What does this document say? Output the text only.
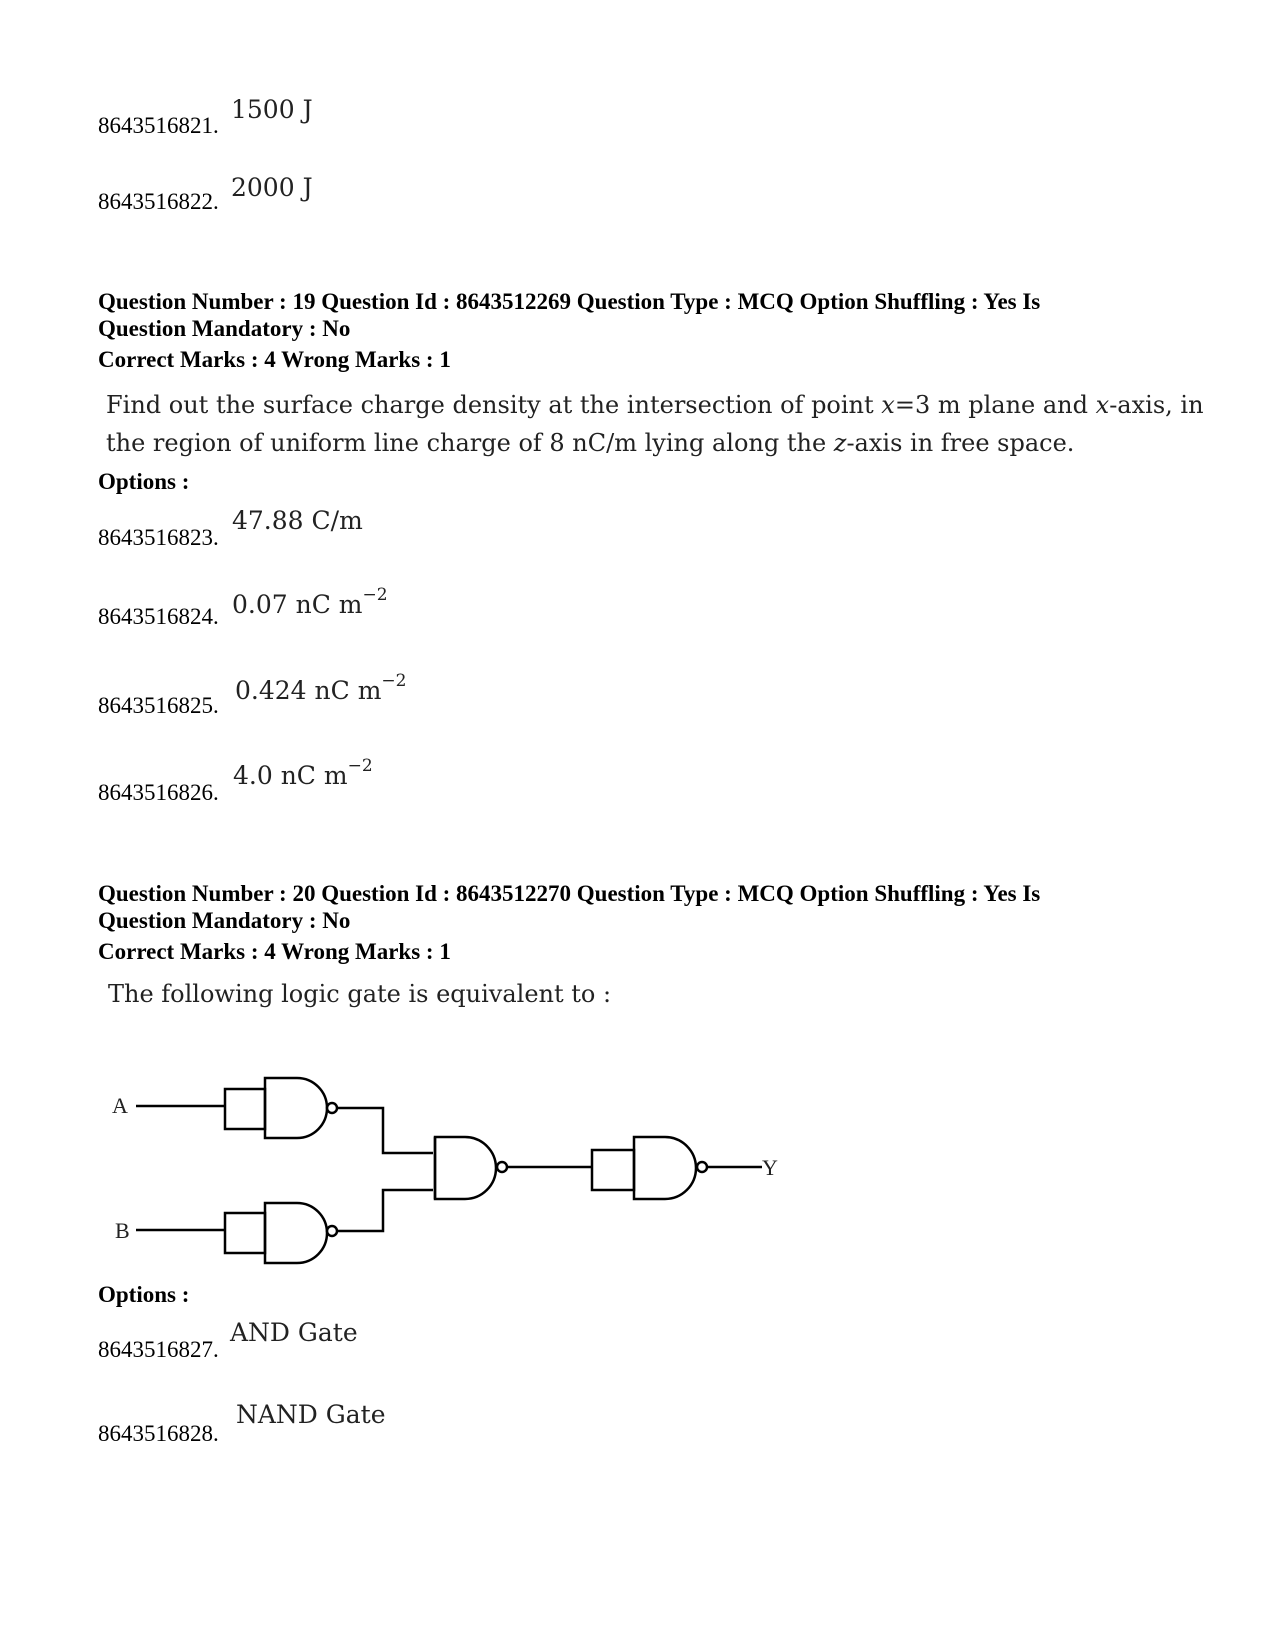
8643516821.
1500 J
8643516822. 2000 J
Question Number : 19 Question Id : 8643512269 Question Type : MCQ Option Shuffling : Yes Is
Question Mandatory : No
Correct Marks : 4 Wrong Marks : 1
Find out the surface charge density at the intersection of point x=3 m plane and x-axis, in
the region of uniform line charge of 8 nC/m lying along the z-axis in free space.
Options :
8643516823.
47.88 C/m
8643516824. 0.07 nC $m^{-2}$
8643516825.
0.424 nC $m^{-2}$
8643516826.
4.0 nC $m^{-2}$
Question Number : 20 Question Id : 8643512270 Question Type : MCQ Option Shuffling : Yes Is
Question Mandatory : No
Correct Marks : 4 Wrong Marks : 1
The following logic gate is equivalent to :
A
B
Y
Options :
8643516827.
AND Gate
8643516828.
NAND Gate
